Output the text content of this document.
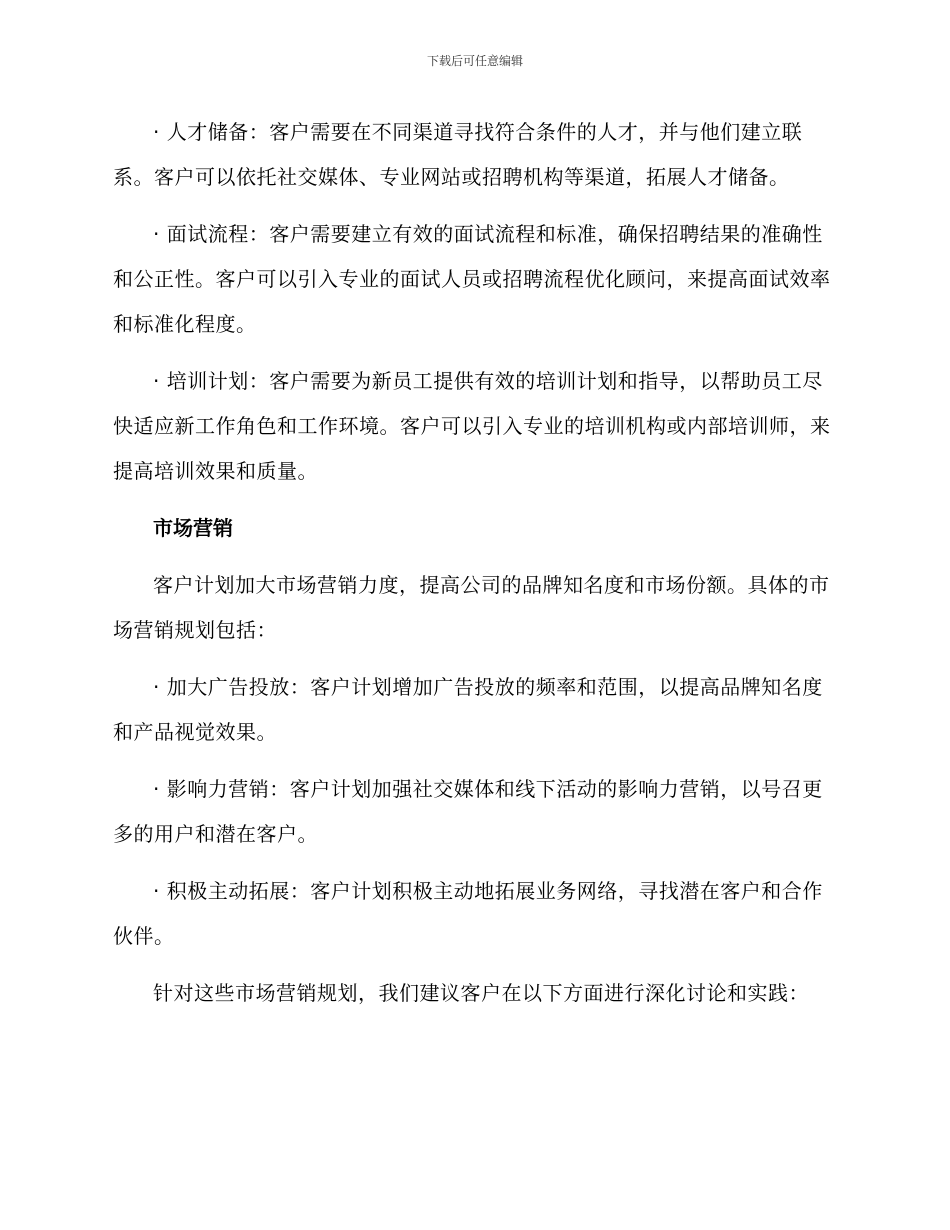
下载后可任意编辑

· 人才储备：客户需要在不同渠道寻找符合条件的人才，并与他们建立联系。客户可以依托社交媒体、专业网站或招聘机构等渠道，拓展人才储备。

· 面试流程：客户需要建立有效的面试流程和标准，确保招聘结果的准确性和公正性。客户可以引入专业的面试人员或招聘流程优化顾问，来提高面试效率和标准化程度。

· 培训计划：客户需要为新员工提供有效的培训计划和指导，以帮助员工尽快适应新工作角色和工作环境。客户可以引入专业的培训机构或内部培训师，来提高培训效果和质量。

市场营销

客户计划加大市场营销力度，提高公司的品牌知名度和市场份额。具体的市场营销规划包括：

· 加大广告投放：客户计划增加广告投放的频率和范围，以提高品牌知名度和产品视觉效果。

· 影响力营销：客户计划加强社交媒体和线下活动的影响力营销，以号召更多的用户和潜在客户。

· 积极主动拓展：客户计划积极主动地拓展业务网络，寻找潜在客户和合作伙伴。

针对这些市场营销规划，我们建议客户在以下方面进行深化讨论和实践：
